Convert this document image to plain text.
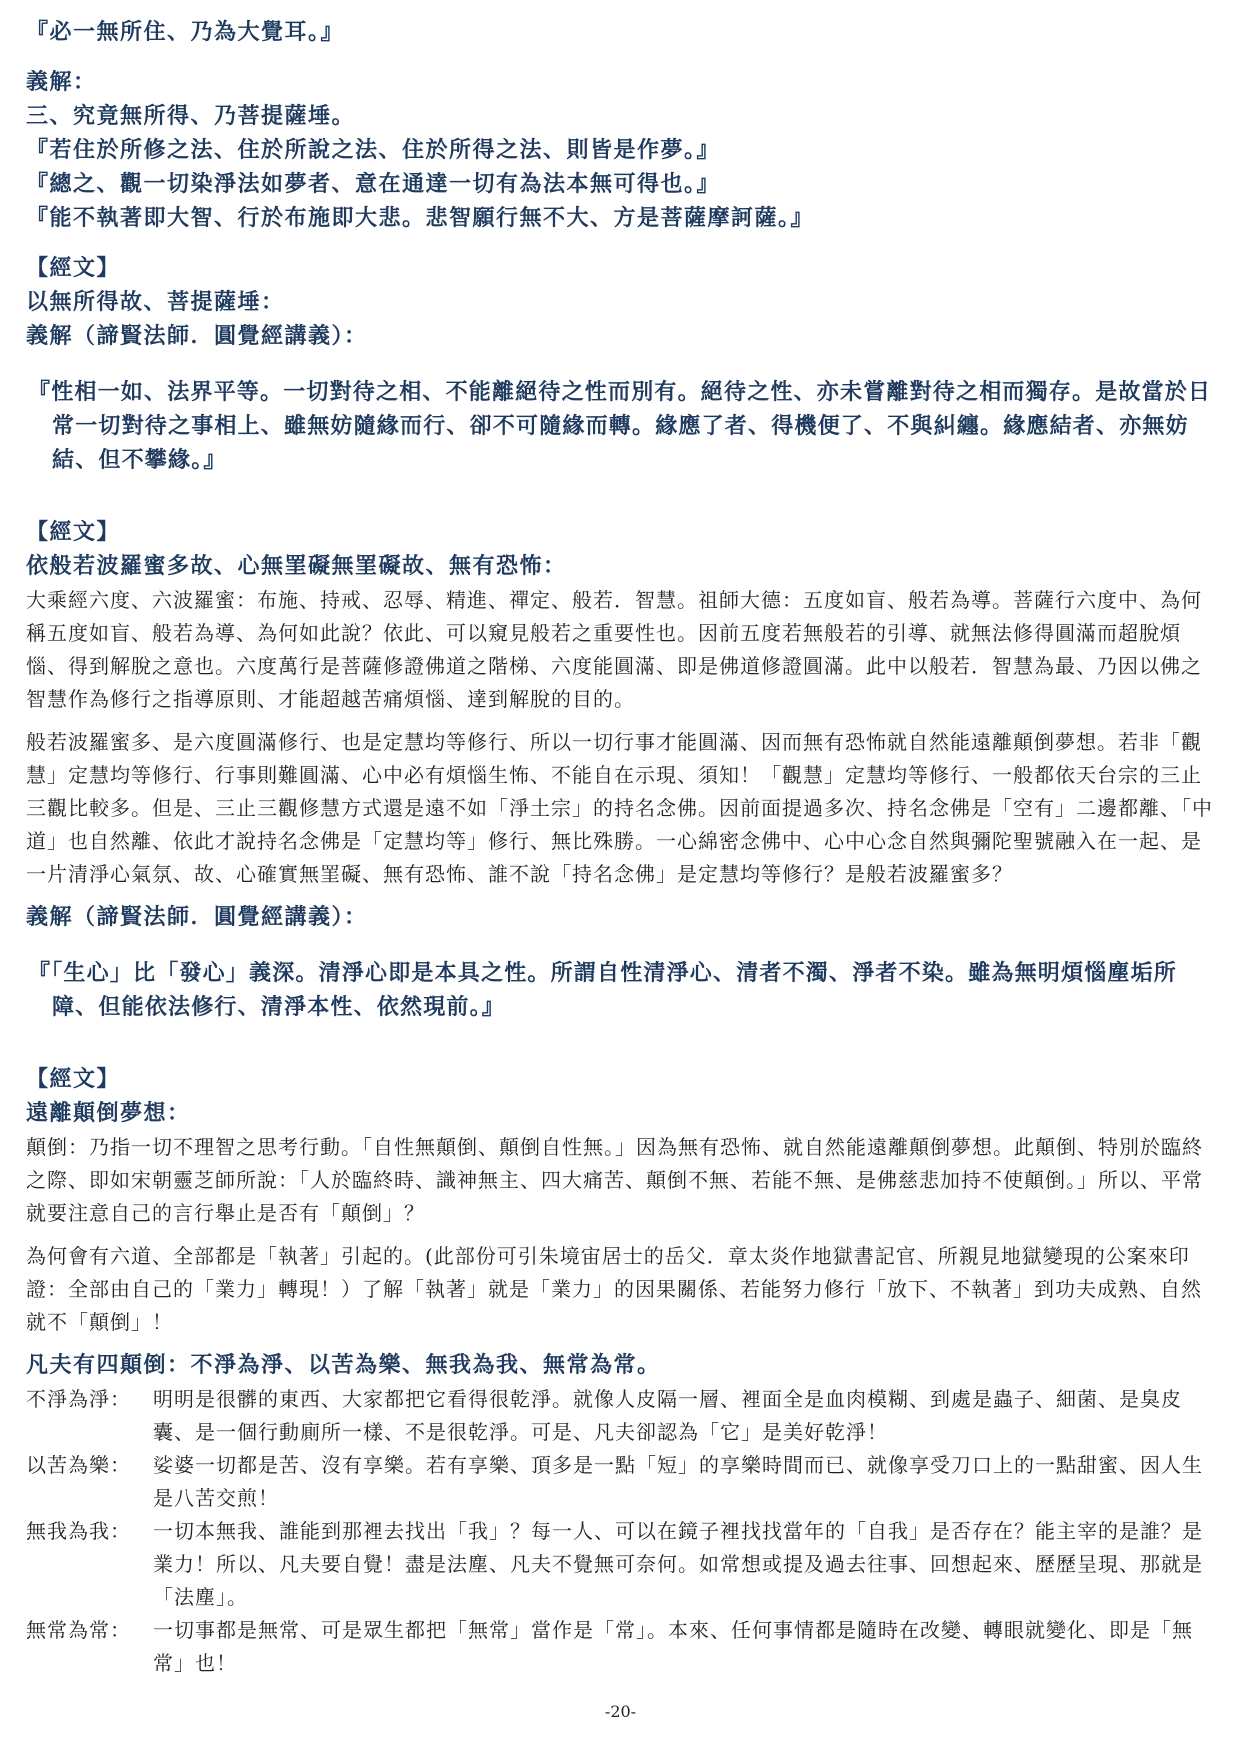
『必一無所住、乃為大覺耳。』

義解：

三、究竟無所得、乃菩提薩埵。

『若住於所修之法、住於所說之法、住於所得之法、則皆是作夢。』

『總之、觀一切染淨法如夢者、意在通達一切有為法本無可得也。』

『能不執著即大智、行於布施即大悲。悲智願行無不大、方是菩薩摩訶薩。』

【經文】

以無所得故、菩提薩埵：

義解（諦賢法師．圓覺經講義）：

『性相一如、法界平等。一切對待之相、不能離絕待之性而別有。絕待之性、亦未嘗離對待之相而獨存。是故當於日常一切對待之事相上、雖無妨隨緣而行、卻不可隨緣而轉。緣應了者、得機便了、不與糾纏。緣應結者、亦無妨結、但不攀緣。』

【經文】

依般若波羅蜜多故、心無罣礙無罣礙故、無有恐怖：

大乘經六度、六波羅蜜：布施、持戒、忍辱、精進、禪定、般若．智慧。祖師大德：五度如盲、般若為導。菩薩行六度中、為何稱五度如盲、般若為導、為何如此說？依此、可以窺見般若之重要性也。因前五度若無般若的引導、就無法修得圓滿而超脫煩惱、得到解脫之意也。六度萬行是菩薩修證佛道之階梯、六度能圓滿、即是佛道修證圓滿。此中以般若．智慧為最、乃因以佛之智慧作為修行之指導原則、才能超越苦痛煩惱、達到解脫的目的。

般若波羅蜜多、是六度圓滿修行、也是定慧均等修行、所以一切行事才能圓滿、因而無有恐怖就自然能遠離顛倒夢想。若非「觀慧」定慧均等修行、行事則難圓滿、心中必有煩惱生怖、不能自在示現、須知！「觀慧」定慧均等修行、一般都依天台宗的三止三觀比較多。但是、三止三觀修慧方式還是遠不如「淨土宗」的持名念佛。因前面提過多次、持名念佛是「空有」二邊都離、「中道」也自然離、依此才說持名念佛是「定慧均等」修行、無比殊勝。一心綿密念佛中、心中心念自然與彌陀聖號融入在一起、是一片清淨心氣氛、故、心確實無罣礙、無有恐怖、誰不說「持名念佛」是定慧均等修行？是般若波羅蜜多？

義解（諦賢法師．圓覺經講義）：

『「生心」比「發心」義深。清淨心即是本具之性。所謂自性清淨心、清者不濁、淨者不染。雖為無明煩惱塵垢所障、但能依法修行、清淨本性、依然現前。』

【經文】

遠離顛倒夢想：

顛倒：乃指一切不理智之思考行動。「自性無顛倒、顛倒自性無。」因為無有恐怖、就自然能遠離顛倒夢想。此顛倒、特別於臨終之際、即如宋朝靈芝師所說：「人於臨終時、識神無主、四大痛苦、顛倒不無、若能不無、是佛慈悲加持不使顛倒。」所以、平常就要注意自己的言行舉止是否有「顛倒」？

為何會有六道、全部都是「執著」引起的。(此部份可引朱境宙居士的岳父．章太炎作地獄書記官、所親見地獄變現的公案來印證：全部由自己的「業力」轉現！）了解「執著」就是「業力」的因果關係、若能努力修行「放下、不執著」到功夫成熟、自然就不「顛倒」！

凡夫有四顛倒：不淨為淨、以苦為樂、無我為我、無常為常。

不淨為淨：	明明是很髒的東西、大家都把它看得很乾淨。就像人皮隔一層、裡面全是血肉模糊、到處是蟲子、細菌、是臭皮囊、是一個行動廁所一樣、不是很乾淨。可是、凡夫卻認為「它」是美好乾淨！
以苦為樂：	娑婆一切都是苦、沒有享樂。若有享樂、頂多是一點「短」的享樂時間而已、就像享受刀口上的一點甜蜜、因人生是八苦交煎！
無我為我：	一切本無我、誰能到那裡去找出「我」？每一人、可以在鏡子裡找找當年的「自我」是否存在？能主宰的是誰？是業力！所以、凡夫要自覺！盡是法塵、凡夫不覺無可奈何。如常想或提及過去往事、回想起來、歷歷呈現、那就是「法塵」。
無常為常：	一切事都是無常、可是眾生都把「無常」當作是「常」。本來、任何事情都是隨時在改變、轉眼就變化、即是「無常」也！
-20-
